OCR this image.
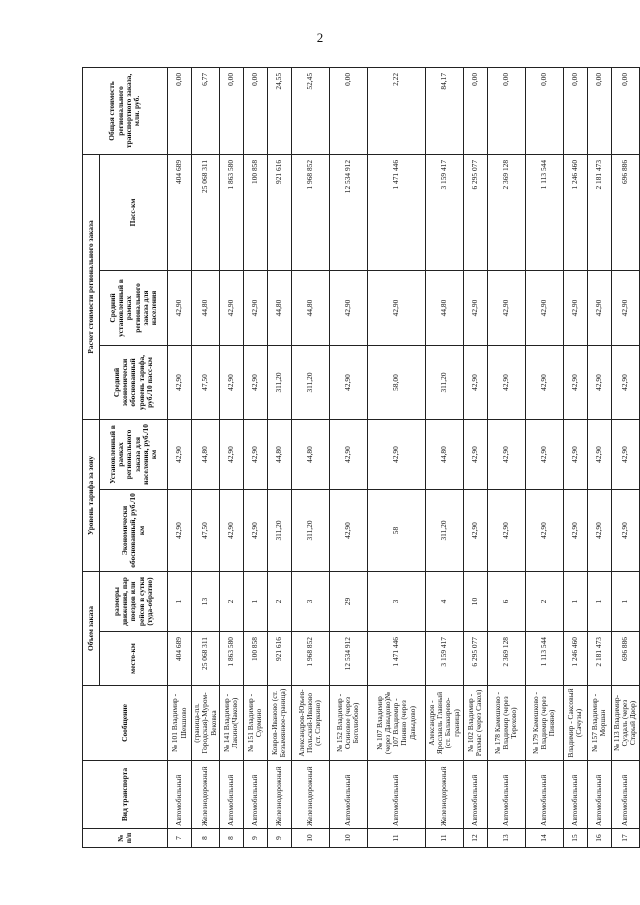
2
№ п/п	Вид транспорта	Сообщение	Объем заказа		Уровень тарифа за зону		Расчет стоимости регионального заказа			Общая стоимость регионального транспортного заказа, млн. руб.
			место-км	размеры движения, пар поездов или рейсов в сутки (туда-обратно)	Экономически обоснованный, руб./10 км	Установленный в рамках регионального заказа для населения, руб./10 км	Средний экономически обоснованный уровень тарифа, руб./10 пасс-км	Средний установленный в рамках регионального заказа для населения	Пасс-км	
7	Автомобильный	№ 101 Владимир - Шекшово	404 689	1	42,90	42,90	42,90	42,90	404 689	0,00
8	Железнодорожный	(граница-пл. Городская)-Муром-Вековка	25 068 311	13	47,50	44,80	47,50	44,80	25 068 311	6,77
8	Автомобильный	№ 141 Владимир - Лакино(Чаково)	1 863 580	2	42,90	42,90	42,90	42,90	1 863 580	0,00
9	Автомобильный	№ 151 Владимир - Сурмино	100 858	1	42,90	42,90	42,90	42,90	100 858	0,00
9	Железнодорожный	Ковров-Иваново (ст. Безымянное-граница)	921 616	2	311,20	44,80	311,20	44,80	921 616	24,55
10	Железнодорожный	Александров-Юрьев-Польский-Иваново (ст. Сперкино)	1 968 852	3	311,20	44,80	311,20	44,80	1 968 852	52,45
10	Автомобильный	№ 152 Владимир - Осиновое (через Боголюбово)	12 534 912	29	42,90	42,90	42,90	42,90	12 534 912	0,00
11	Автомобильный	№ 107 Владимир (через Давыдово)№ 107 Владимир - Пиняно (через Давыдово)	1 471 446	3	58	42,90	58,00	42,90	1 471 446	2,22
11	Железнодорожный	Александров - Ярославль Главный (ст. Балакирево-граница)	3 159 417	4	311,20	44,80	311,20	44,80	3 159 417	84,17
12	Автомобильный	№ 102 Владимир - Рахмас (через Сакол)	6 295 077	10	42,90	42,90	42,90	42,90	6 295 077	0,00
13	Автомобильный	№ 178 Камешково - Владимир (через Терехово)	2 369 128	6	42,90	42,90	42,90	42,90	2 369 128	0,00
14	Автомобильный	№ 179 Камешково - Владимир (через Пиняно)	1 113 544	2	42,90	42,90	42,90	42,90	1 113 544	0,00
15	Автомобильный	Владимир - Саксовый (Сачузы)	1 246 460	1	42,90	42,90	42,90	42,90	1 246 460	0,00
16	Автомобильный	№ 157 Владимир - Моршан	2 181 473	1	42,90	42,90	42,90	42,90	2 181 473	0,00
17	Автомобильный	№ 113 Владимир-Суздаль (через Старый Двор)	696 886	1	42,90	42,90	42,90	42,90	696 886	0,00
